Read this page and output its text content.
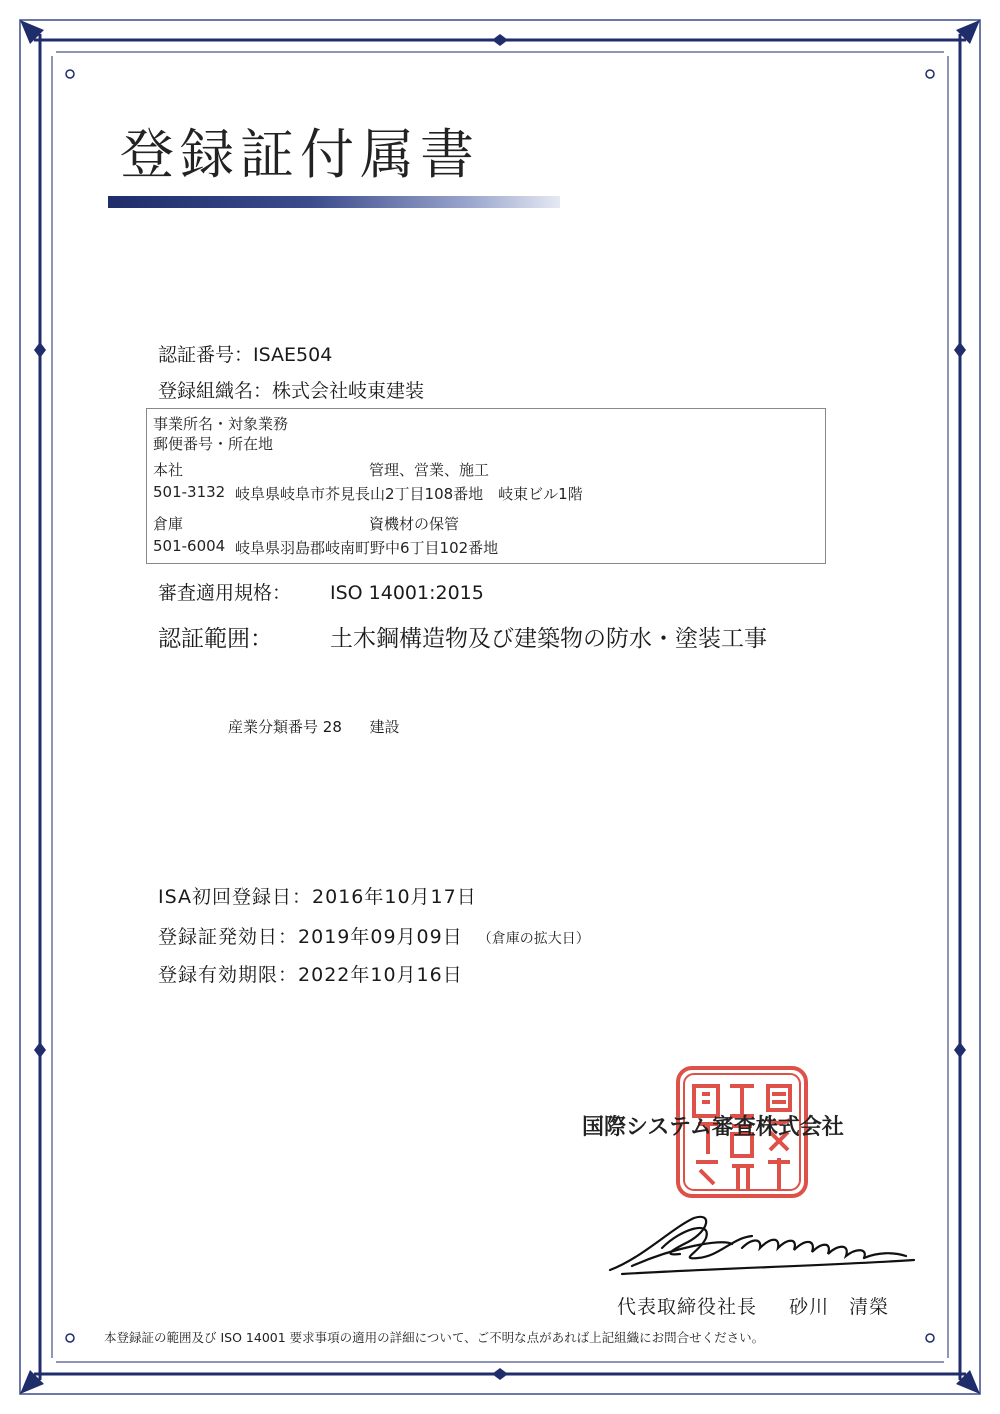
登録証付属書
認証番号：ISAE504
登録組織名：株式会社岐東建装
事業所名・対象業務
郵便番号・所在地
本社	管理、営業、施工
501-3132 岐阜県岐阜市芥見長山2丁目108番地　岐東ビル1階
倉庫	資機材の保管
501-6004 岐阜県羽島郡岐南町野中6丁目102番地
審査適用規格： ISO 14001:2015
認証範囲： 土木鋼構造物及び建築物の防水・塗装工事
産業分類番号 28 建設
ISA初回登録日：2016年10月17日
登録証発効日：2019年09月09日 （倉庫の拡大日）
登録有効期限：2022年10月16日
国際システム審査株式会社
代表取締役社長 砂川　清榮
本登録証の範囲及び ISO 14001 要求事項の適用の詳細について、ご不明な点があれば上記組織にお問合せください。
